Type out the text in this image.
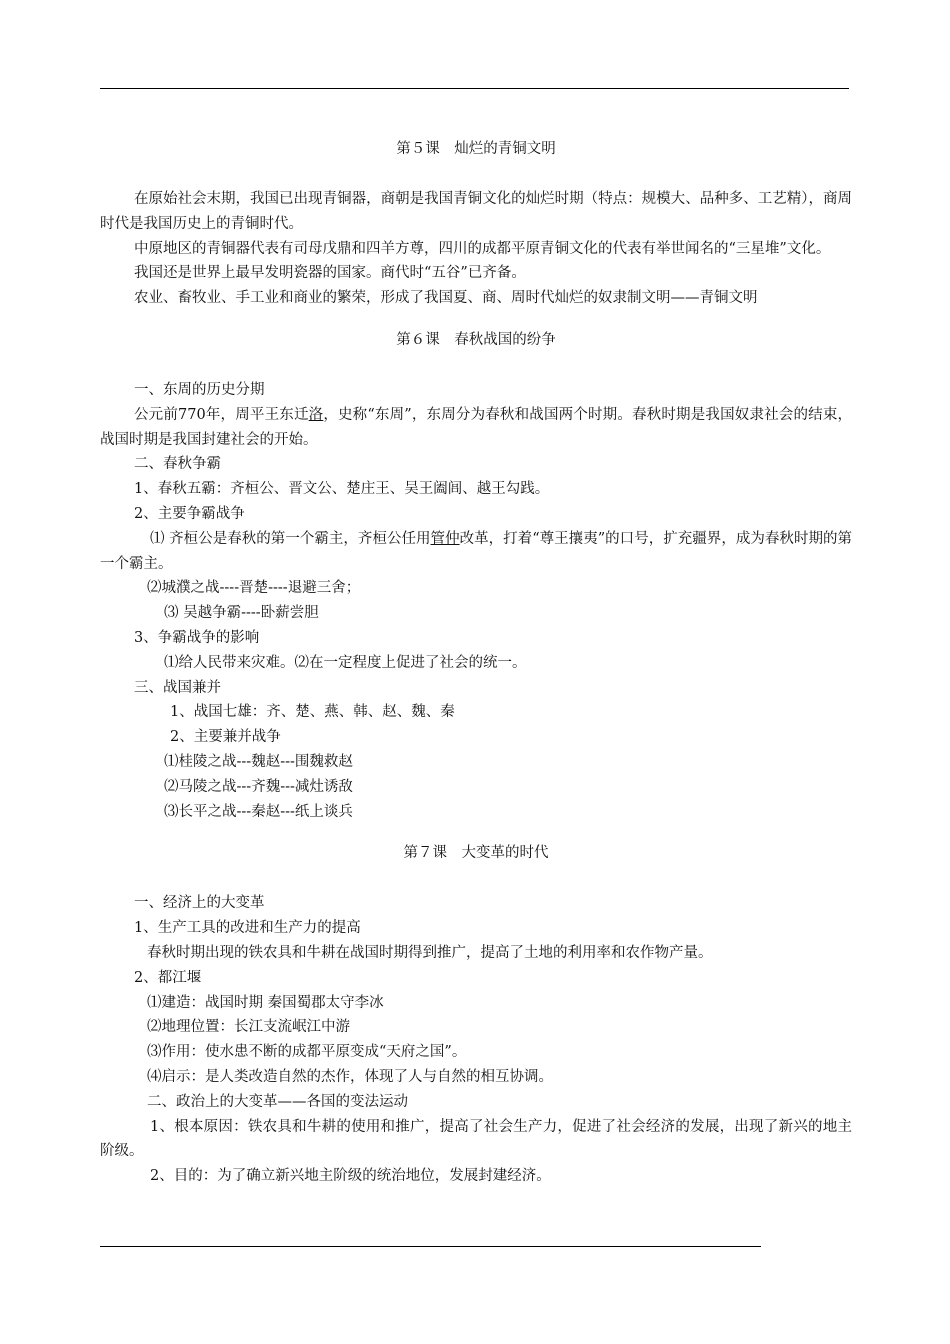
第５课　灿烂的青铜文明

在原始社会末期，我国已出现青铜器，商朝是我国青铜文化的灿烂时期（特点：规模大、品种多、工艺精），商周时代是我国历史上的青铜时代。

中原地区的青铜器代表有司母戊鼎和四羊方尊，四川的成都平原青铜文化的代表有举世闻名的“三星堆”文化。

我国还是世界上最早发明瓷器的国家。商代时“五谷”已齐备。

农业、畜牧业、手工业和商业的繁荣，形成了我国夏、商、周时代灿烂的奴隶制文明——青铜文明

第６课　春秋战国的纷争

一、东周的历史分期

公元前770年，周平王东迁洛，史称“东周”，东周分为春秋和战国两个时期。春秋时期是我国奴隶社会的结束，战国时期是我国封建社会的开始。

二、春秋争霸

1、春秋五霸：齐桓公、晋文公、楚庄王、吴王阖闾、越王勾践。

2、主要争霸战争

⑴ 齐桓公是春秋的第一个霸主，齐桓公任用管仲改革，打着“尊王攘夷”的口号，扩充疆界，成为春秋时期的第一个霸主。

⑵城濮之战----晋楚----退避三舍；

⑶ 吴越争霸----卧薪尝胆

3、争霸战争的影响

⑴给人民带来灾难。⑵在一定程度上促进了社会的统一。

三、战国兼并

1、战国七雄：齐、楚、燕、韩、赵、魏、秦

2、主要兼并战争

⑴桂陵之战---魏赵---围魏救赵

⑵马陵之战---齐魏---减灶诱敌

⑶长平之战---秦赵---纸上谈兵

第７课　大变革的时代

一、经济上的大变革

1、生产工具的改进和生产力的提高

春秋时期出现的铁农具和牛耕在战国时期得到推广，提高了土地的利用率和农作物产量。

2、都江堰

⑴建造：战国时期 秦国蜀郡太守李冰

⑵地理位置：长江支流岷江中游

⑶作用：使水患不断的成都平原变成“天府之国”。

⑷启示：是人类改造自然的杰作，体现了人与自然的相互协调。

二、政治上的大变革——各国的变法运动

1、根本原因：铁农具和牛耕的使用和推广，提高了社会生产力，促进了社会经济的发展，出现了新兴的地主阶级。

2、目的：为了确立新兴地主阶级的统治地位，发展封建经济。
